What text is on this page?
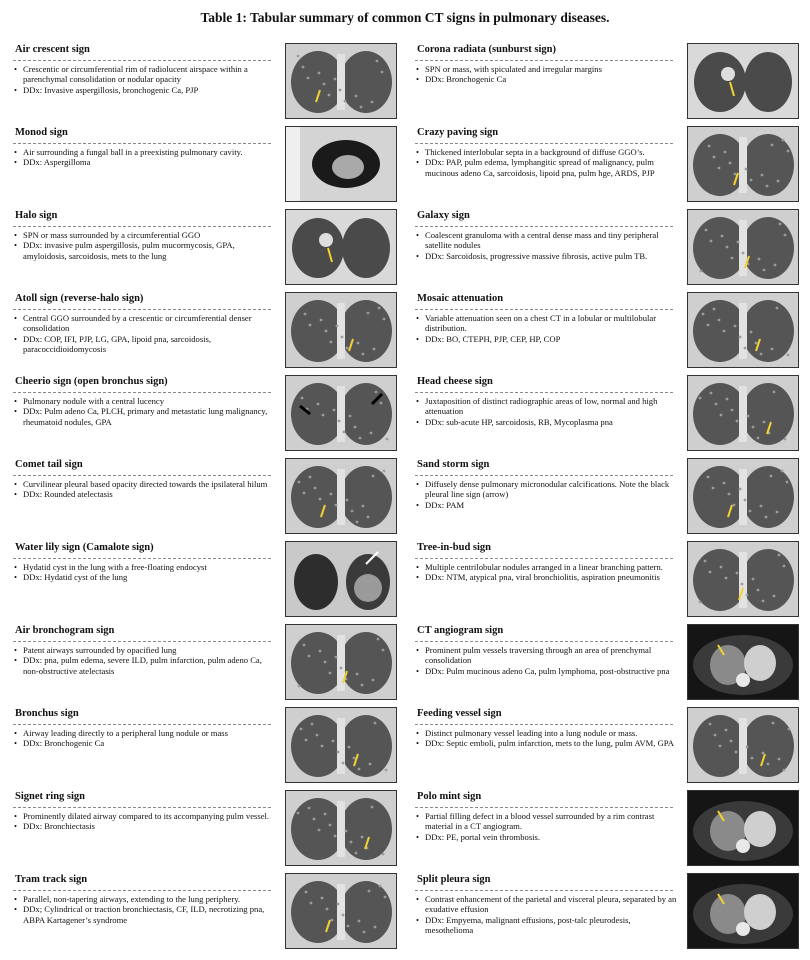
Table 1: Tabular summary of common CT signs in pulmonary diseases.
Air crescent sign
• Crescentic or circumferential rim of radiolucent airspace within a parenchymal consolidation or nodular opacity
• DDx: Invasive aspergillosis, bronchogenic Ca, PJP
Monod sign
• Air surrounding a fungal ball in a preexisting pulmonary cavity.
• DDx: Aspergilloma
Halo sign
• SPN or mass surrounded by a circumferential GGO
• DDx: invasive pulm aspergillosis, pulm mucormycosis, GPA, amyloidosis, sarcoidosis, mets to the lung
Atoll sign (reverse-halo sign)
• Central GGO surrounded by a crescentic or circumferential denser consolidation
• DDx: COP, IFI, PJP, LG, GPA, lipoid pna, sarcoidosis, paracoccidioidomycosis
Cheerio sign (open bronchus sign)
• Pulmonary nodule with a central lucency
• DDx: Pulm adeno Ca, PLCH, primary and metastatic lung malignancy, rheumatoid nodules, GPA
Comet tail sign
• Curvilinear pleural based opacity directed towards the ipsilateral hilum
• DDx: Rounded atelectasis
Water lily sign (Camalote sign)
• Hydatid cyst in the lung with a free-floating endocyst
• DDx: Hydatid cyst of the lung
Air bronchogram sign
• Patent airways surrounded by opacified lung
• DDx: pna, pulm edema, severe ILD, pulm infarction, pulm adeno Ca, non-obstructive atelectasis
Bronchus sign
• Airway leading directly to a peripheral lung nodule or mass
• DDx: Bronchogenic Ca
Signet ring sign
• Prominently dilated airway compared to its accompanying pulm vessel.
• DDx: Bronchiectasis
Tram track sign
• Parallel, non-tapering airways, extending to the lung periphery.
• DDx; Cylindrical or traction bronchiectasis, CF, ILD, necrotizing pna, ABPA Kartagener’s syndrome
Corona radiata (sunburst sign)
• SPN or mass, with spiculated and irregular margins
• DDx: Bronchogenic Ca
Crazy paving sign
• Thickened interlobular septa in a background of diffuse GGO’s.
• DDx: PAP, pulm edema, lymphangitic spread of malignancy, pulm mucinous adeno Ca, sarcoidosis, lipoid pna, pulm hge, ARDS, PJP
Galaxy sign
• Coalescent granuloma with a central dense mass and tiny peripheral satellite nodules
• DDx: Sarcoidosis, progressive massive fibrosis, active pulm TB.
Mosaic attenuation
• Variable attenuation seen on a chest CT in a lobular or multilobular distribution.
• DDx: BO, CTEPH, PJP, CEP, HP, COP
Head cheese sign
• Juxtaposition of distinct radiographic areas of low, normal and high attenuation
• DDx: sub-acute HP, sarcoidosis, RB, Mycoplasma pna
Sand storm sign
• Diffusely dense pulmonary micronodular calcifications. Note the black pleural line sign (arrow)
• DDx: PAM
Tree-in-bud sign
• Multiple centrilobular nodules arranged in a linear branching pattern.
• DDx: NTM, atypical pna, viral bronchiolitis, aspiration pneumonitis
CT angiogram sign
• Prominent pulm vessels traversing through an area of prenchymal consolidation
• DDx: Pulm mucinous adeno Ca, pulm lymphoma, post-obstructive pna
Feeding vessel sign
• Distinct pulmonary vessel leading into a lung nodule or mass.
• DDx: Septic emboli, pulm infarction, mets to the lung, pulm AVM, GPA
Polo mint sign
• Partial filling defect in a blood vessel surrounded by a rim contrast material in a CT angiogram.
• DDx: PE, portal vein thrombosis.
Split pleura sign
• Contrast enhancement of the parietal and visceral pleura, separated by an exudative effusion
• DDx: Empyema, malignant effusions, post-talc pleurodesis, mesothelioma
